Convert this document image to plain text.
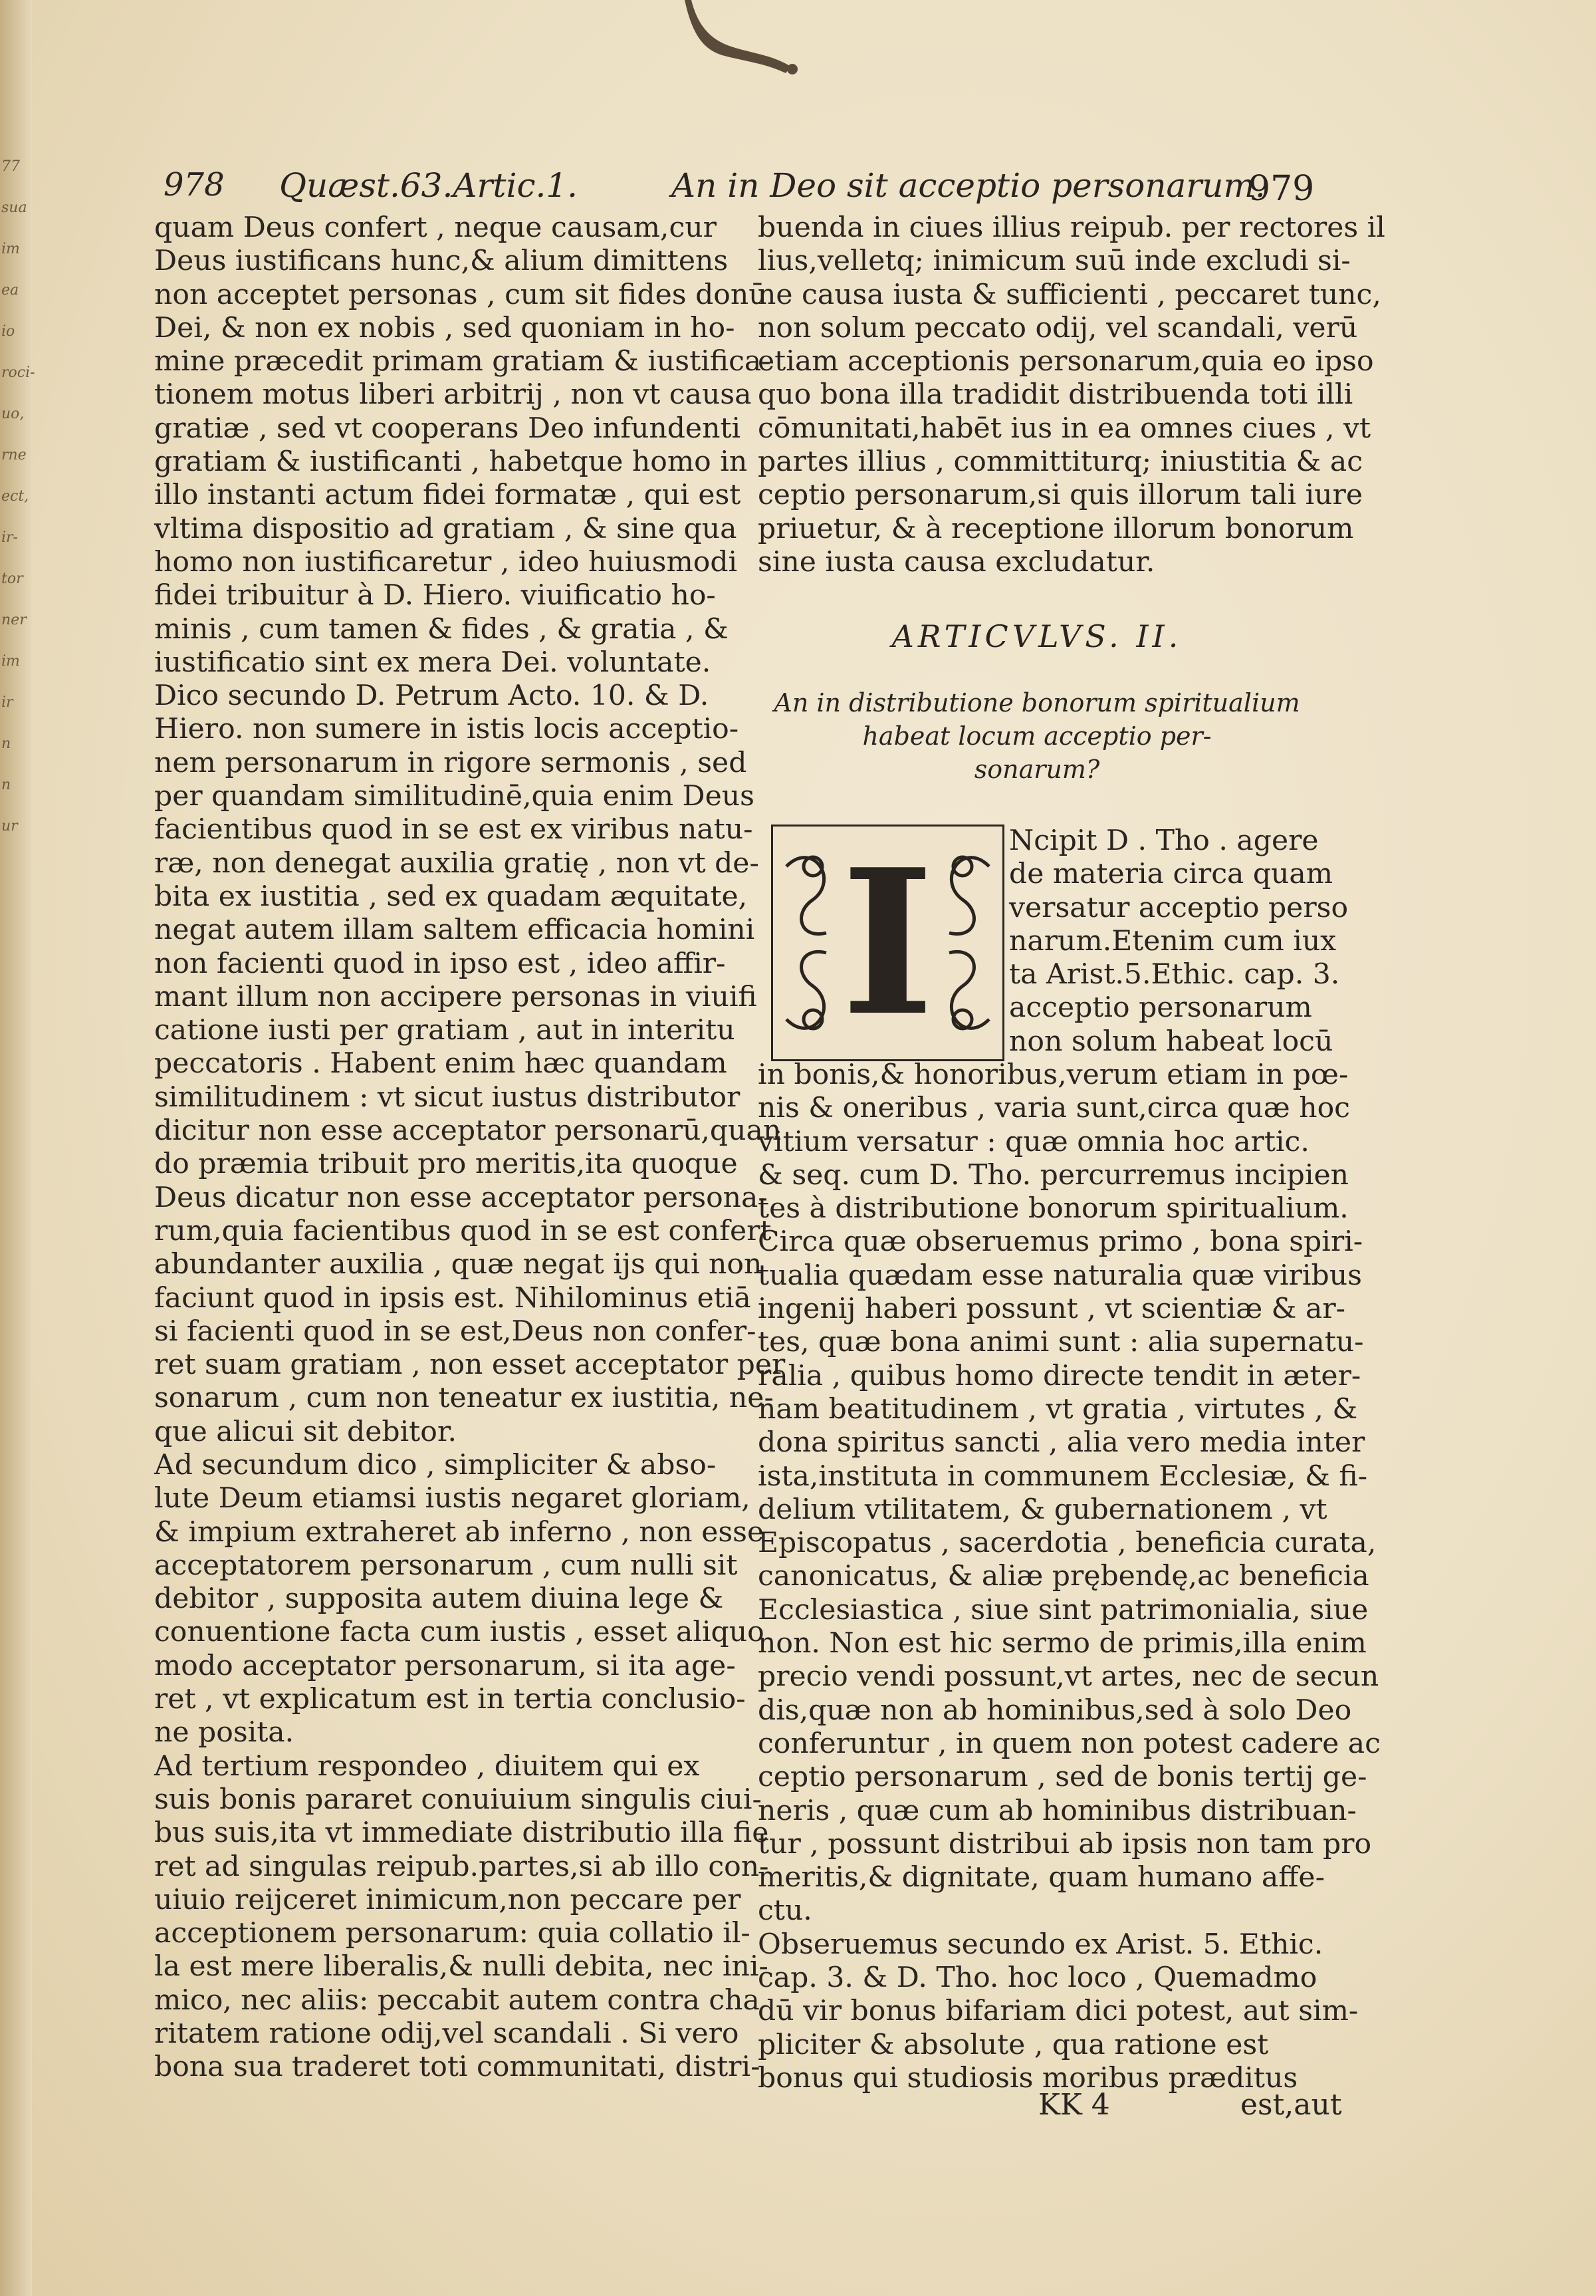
77
sua
im
ea
io
roci-
uo,
rne
ect,
ir-
tor
ner
im
ir
n
n
ur
978 Quæst.63.Artic.1.	An in Deo sit acceptio personarum.
979
quam Deus confert , neque causam,cur
Deus iustificans hunc,& alium dimittens
non acceptet personas , cum sit fides donū
Dei, & non ex nobis , sed quoniam in ho-
mine præcedit primam gratiam & iustifica-
tionem motus liberi arbitrij , non vt causa
gratiæ , sed vt cooperans Deo infundenti
gratiam & iustificanti , habetque homo in
illo instanti actum fidei formatæ , qui est
vltima dispositio ad gratiam , & sine qua
homo non iustificaretur , ideo huiusmodi
fidei tribuitur à D. Hiero. viuificatio ho-
minis , cum tamen & fides , & gratia , &
iustificatio sint ex mera Dei. voluntate.
Dico secundo D. Petrum Acto. 10. & D.
Hiero. non sumere in istis locis acceptio-
nem personarum in rigore sermonis , sed
per quandam similitudinē,quia enim Deus
facientibus quod in se est ex viribus natu-
ræ, non denegat auxilia gratię , non vt de-
bita ex iustitia , sed ex quadam æquitate,
negat autem illam saltem efficacia homini
non facienti quod in ipso est , ideo affir-
mant illum non accipere personas in viuifi
catione iusti per gratiam , aut in interitu
peccatoris . Habent enim hæc quandam
similitudinem : vt sicut iustus distributor
dicitur non esse acceptator personarū,quan
do præmia tribuit pro meritis,ita quoque
Deus dicatur non esse acceptator persona-
rum,quia facientibus quod in se est confert
abundanter auxilia , quæ negat ijs qui non
faciunt quod in ipsis est. Nihilominus etiā
si facienti quod in se est,Deus non confer-
ret suam gratiam , non esset acceptator per
sonarum , cum non teneatur ex iustitia, ne-
que alicui sit debitor.
Ad secundum dico , simpliciter & abso-
lute Deum etiamsi iustis negaret gloriam,
& impium extraheret ab inferno , non esse
acceptatorem personarum , cum nulli sit
debitor , supposita autem diuina lege &
conuentione facta cum iustis , esset aliquo
modo acceptator personarum, si ita age-
ret , vt explicatum est in tertia conclusio-
ne posita.
Ad tertium respondeo , diuitem qui ex
suis bonis pararet conuiuium singulis ciui-
bus suis,ita vt immediate distributio illa fie
ret ad singulas reipub.partes,si ab illo con-
uiuio reijceret inimicum,non peccare per
acceptionem personarum: quia collatio il-
la est mere liberalis,& nulli debita, nec ini-
mico, nec aliis: peccabit autem contra cha
ritatem ratione odij,vel scandali . Si vero
bona sua traderet toti communitati, distri-
buenda in ciues illius reipub. per rectores il
lius,velletq; inimicum suū inde excludi si-
ne causa iusta & sufficienti , peccaret tunc,
non solum peccato odij, vel scandali, verū
etiam acceptionis personarum,quia eo ipso
quo bona illa tradidit distribuenda toti illi
cōmunitati,habēt ius in ea omnes ciues , vt
partes illius , committiturq; iniustitia & ac
ceptio personarum,si quis illorum tali iure
priuetur, & à receptione illorum bonorum
sine iusta causa excludatur.
ARTICVLVS. II.
An in distributione bonorum spiritualium
habeat locum acceptio per-
sonarum?
I	Ncipit D . Tho . agere
de materia circa quam
versatur acceptio perso
narum.Etenim cum iux
ta Arist.5.Ethic. cap. 3.
acceptio personarum
non solum habeat locū
in bonis,& honoribus,verum etiam in pœ-
nis & oneribus , varia sunt,circa quæ hoc
vitium versatur : quæ omnia hoc artic.
& seq. cum D. Tho. percurremus incipien
tes à distributione bonorum spiritualium.
Circa quæ obseruemus primo , bona spiri-
tualia quædam esse naturalia quæ viribus
ingenij haberi possunt , vt scientiæ & ar-
tes, quæ bona animi sunt : alia supernatu-
ralia , quibus homo directe tendit in æter-
nam beatitudinem , vt gratia , virtutes , &
dona spiritus sancti , alia vero media inter
ista,instituta in communem Ecclesiæ, & fi-
delium vtilitatem, & gubernationem , vt
Episcopatus , sacerdotia , beneficia curata,
canonicatus, & aliæ prębendę,ac beneficia
Ecclesiastica , siue sint patrimonialia, siue
non. Non est hic sermo de primis,illa enim
precio vendi possunt,vt artes, nec de secun
dis,quæ non ab hominibus,sed à solo Deo
conferuntur , in quem non potest cadere ac
ceptio personarum , sed de bonis tertij ge-
neris , quæ cum ab hominibus distribuan-
tur , possunt distribui ab ipsis non tam pro
meritis,& dignitate, quam humano affe-
ctu.
Obseruemus secundo ex Arist. 5. Ethic.
cap. 3. & D. Tho. hoc loco , Quemadmo
dū vir bonus bifariam dici potest, aut sim-
pliciter & absolute , qua ratione est
bonus qui studiosis moribus præditus
KK 4	est,aut
